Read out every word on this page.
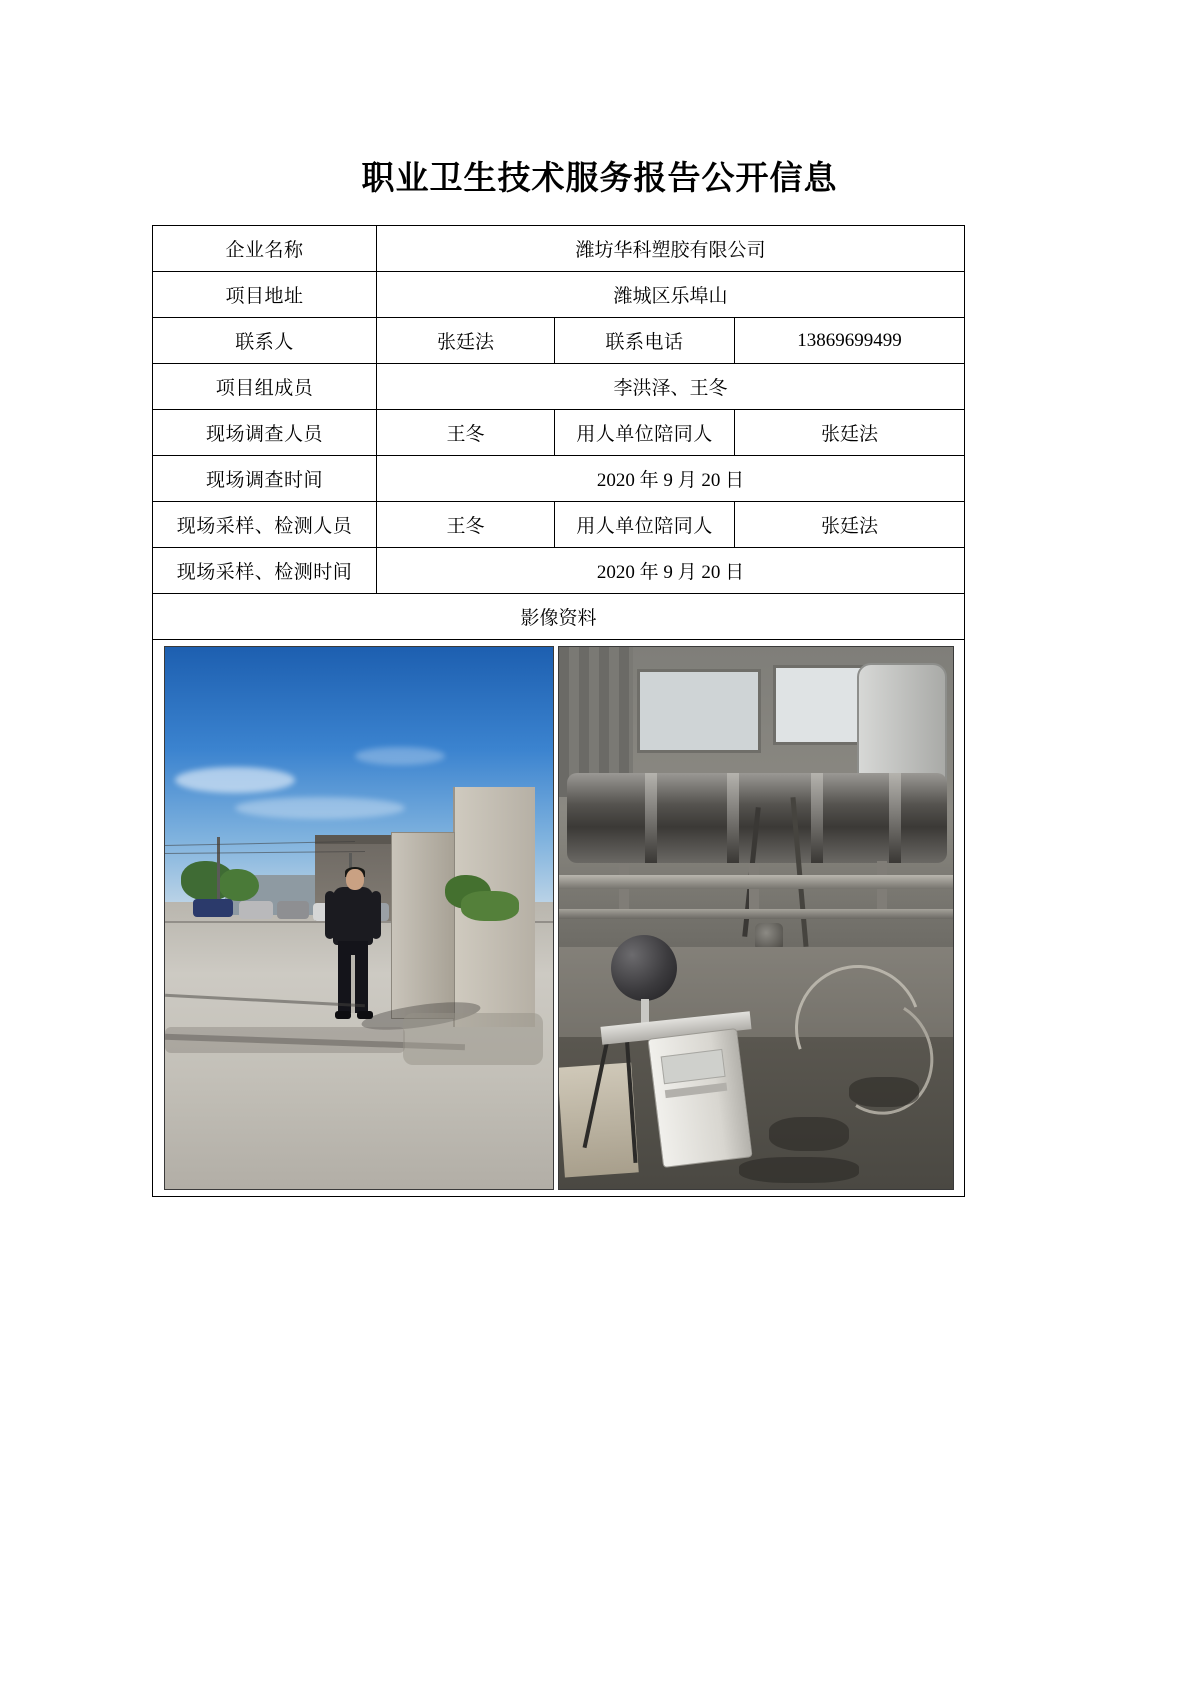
职业卫生技术服务报告公开信息
企业名称	潍坊华科塑胶有限公司		
项目地址	潍城区乐埠山		
联系人	张廷法	联系电话	13869699499
项目组成员	李洪泽、王冬		
现场调查人员	王冬	用人单位陪同人	张廷法
现场调查时间	2020 年 9 月 20 日		
现场采样、检测人员	王冬	用人单位陪同人	张廷法
现场采样、检测时间	2020 年 9 月 20 日		
影像资料			
